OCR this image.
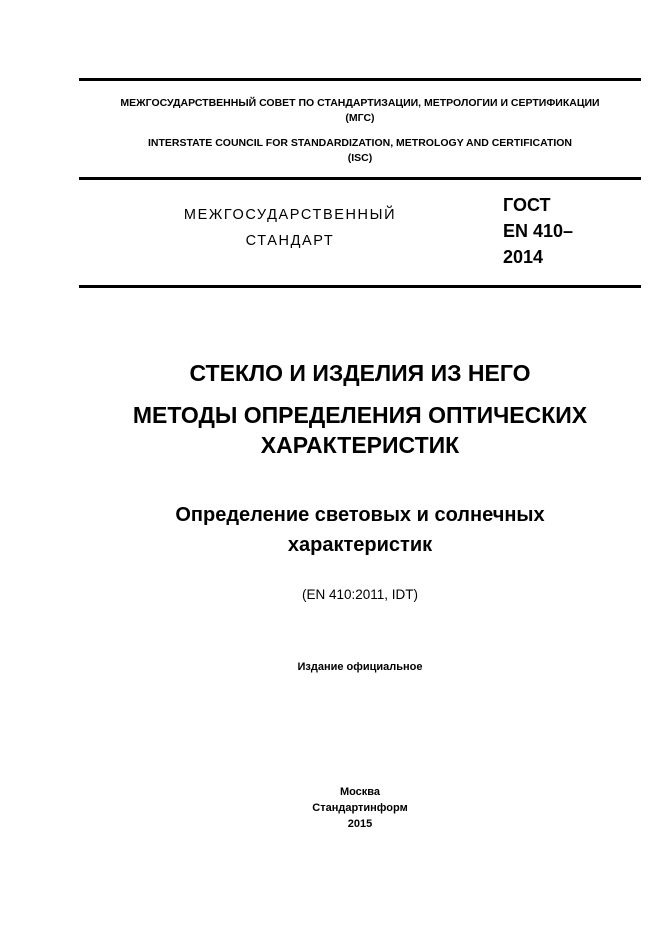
МЕЖГОСУДАРСТВЕННЫЙ СОВЕТ ПО СТАНДАРТИЗАЦИИ, МЕТРОЛОГИИ И СЕРТИФИКАЦИИ
(МГС)
INTERSTATE COUNCIL FOR STANDARDIZATION, METROLOGY AND CERTIFICATION
(ISC)
МЕЖГОСУДАРСТВЕННЫЙ
СТАНДАРТ
ГОСТ
EN 410–
2014
СТЕКЛО И ИЗДЕЛИЯ ИЗ НЕГО
МЕТОДЫ ОПРЕДЕЛЕНИЯ ОПТИЧЕСКИХ
ХАРАКТЕРИСТИК
Определение световых и солнечных
характеристик
(EN 410:2011, IDT)
Издание официальное
Москва
Стандартинформ
2015
